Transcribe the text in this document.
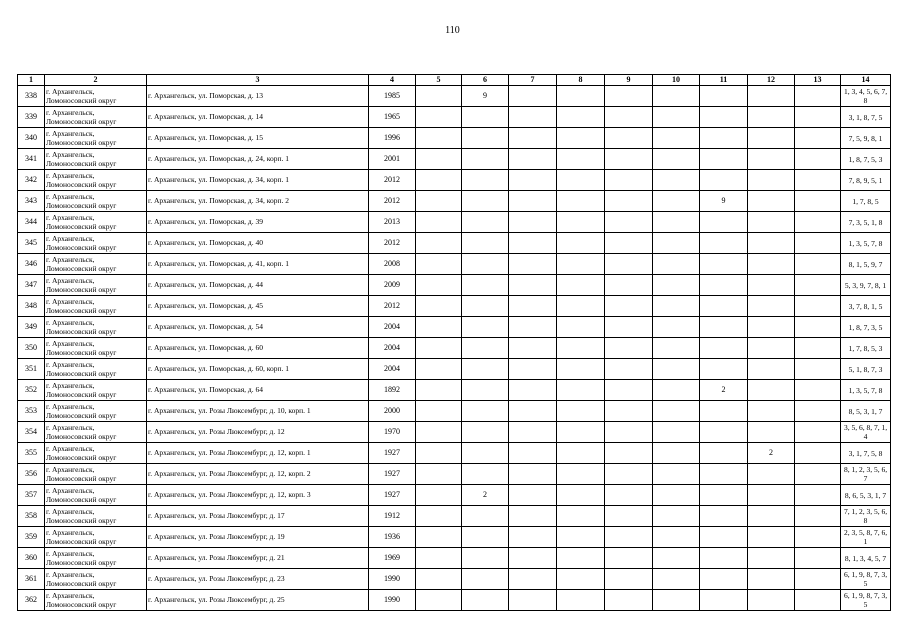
110
1	2	3	4	5	6	7	8	9	10	11	12	13	14
338	г. Архангельск, Ломоносовский округ	г. Архангельск, ул. Поморская, д. 13	1985		9								1, 3, 4, 5, 6, 7, 8
339	г. Архангельск, Ломоносовский округ	г. Архангельск, ул. Поморская, д. 14	1965										3, 1, 8, 7, 5
340	г. Архангельск, Ломоносовский округ	г. Архангельск, ул. Поморская, д. 15	1996										7, 5, 9, 8, 1
341	г. Архангельск, Ломоносовский округ	г. Архангельск, ул. Поморская, д. 24, корп. 1	2001										1, 8, 7, 5, 3
342	г. Архангельск, Ломоносовский округ	г. Архангельск, ул. Поморская, д. 34, корп. 1	2012										7, 8, 9, 5, 1
343	г. Архангельск, Ломоносовский округ	г. Архангельск, ул. Поморская, д. 34, корп. 2	2012							9			1, 7, 8, 5
344	г. Архангельск, Ломоносовский округ	г. Архангельск, ул. Поморская, д. 39	2013										7, 3, 5, 1, 8
345	г. Архангельск, Ломоносовский округ	г. Архангельск, ул. Поморская, д. 40	2012										1, 3, 5, 7, 8
346	г. Архангельск, Ломоносовский округ	г. Архангельск, ул. Поморская, д. 41, корп. 1	2008										8, 1, 5, 9, 7
347	г. Архангельск, Ломоносовский округ	г. Архангельск, ул. Поморская, д. 44	2009										5, 3, 9, 7, 8, 1
348	г. Архангельск, Ломоносовский округ	г. Архангельск, ул. Поморская, д. 45	2012										3, 7, 8, 1, 5
349	г. Архангельск, Ломоносовский округ	г. Архангельск, ул. Поморская, д. 54	2004										1, 8, 7, 3, 5
350	г. Архангельск, Ломоносовский округ	г. Архангельск, ул. Поморская, д. 60	2004										1, 7, 8, 5, 3
351	г. Архангельск, Ломоносовский округ	г. Архангельск, ул. Поморская, д. 60, корп. 1	2004										5, 1, 8, 7, 3
352	г. Архангельск, Ломоносовский округ	г. Архангельск, ул. Поморская, д. 64	1892							2			1, 3, 5, 7, 8
353	г. Архангельск, Ломоносовский округ	г. Архангельск, ул. Розы Люксембург, д. 10, корп. 1	2000										8, 5, 3, 1, 7
354	г. Архангельск, Ломоносовский округ	г. Архангельск, ул. Розы Люксембург, д. 12	1970										3, 5, 6, 8, 7, 1, 4
355	г. Архангельск, Ломоносовский округ	г. Архангельск, ул. Розы Люксембург, д. 12, корп. 1	1927								2		3, 1, 7, 5, 8
356	г. Архангельск, Ломоносовский округ	г. Архангельск, ул. Розы Люксембург, д. 12, корп. 2	1927										8, 1, 2, 3, 5, 6, 7
357	г. Архангельск, Ломоносовский округ	г. Архангельск, ул. Розы Люксембург, д. 12, корп. 3	1927		2								8, 6, 5, 3, 1, 7
358	г. Архангельск, Ломоносовский округ	г. Архангельск, ул. Розы Люксембург, д. 17	1912										7, 1, 2, 3, 5, 6, 8
359	г. Архангельск, Ломоносовский округ	г. Архангельск, ул. Розы Люксембург, д. 19	1936										2, 3, 5, 8, 7, 6, 1
360	г. Архангельск, Ломоносовский округ	г. Архангельск, ул. Розы Люксембург, д. 21	1969										8, 1, 3, 4, 5, 7
361	г. Архангельск, Ломоносовский округ	г. Архангельск, ул. Розы Люксембург, д. 23	1990										6, 1, 9, 8, 7, 3, 5
362	г. Архангельск, Ломоносовский округ	г. Архангельск, ул. Розы Люксембург, д. 25	1990										6, 1, 9, 8, 7, 3, 5
